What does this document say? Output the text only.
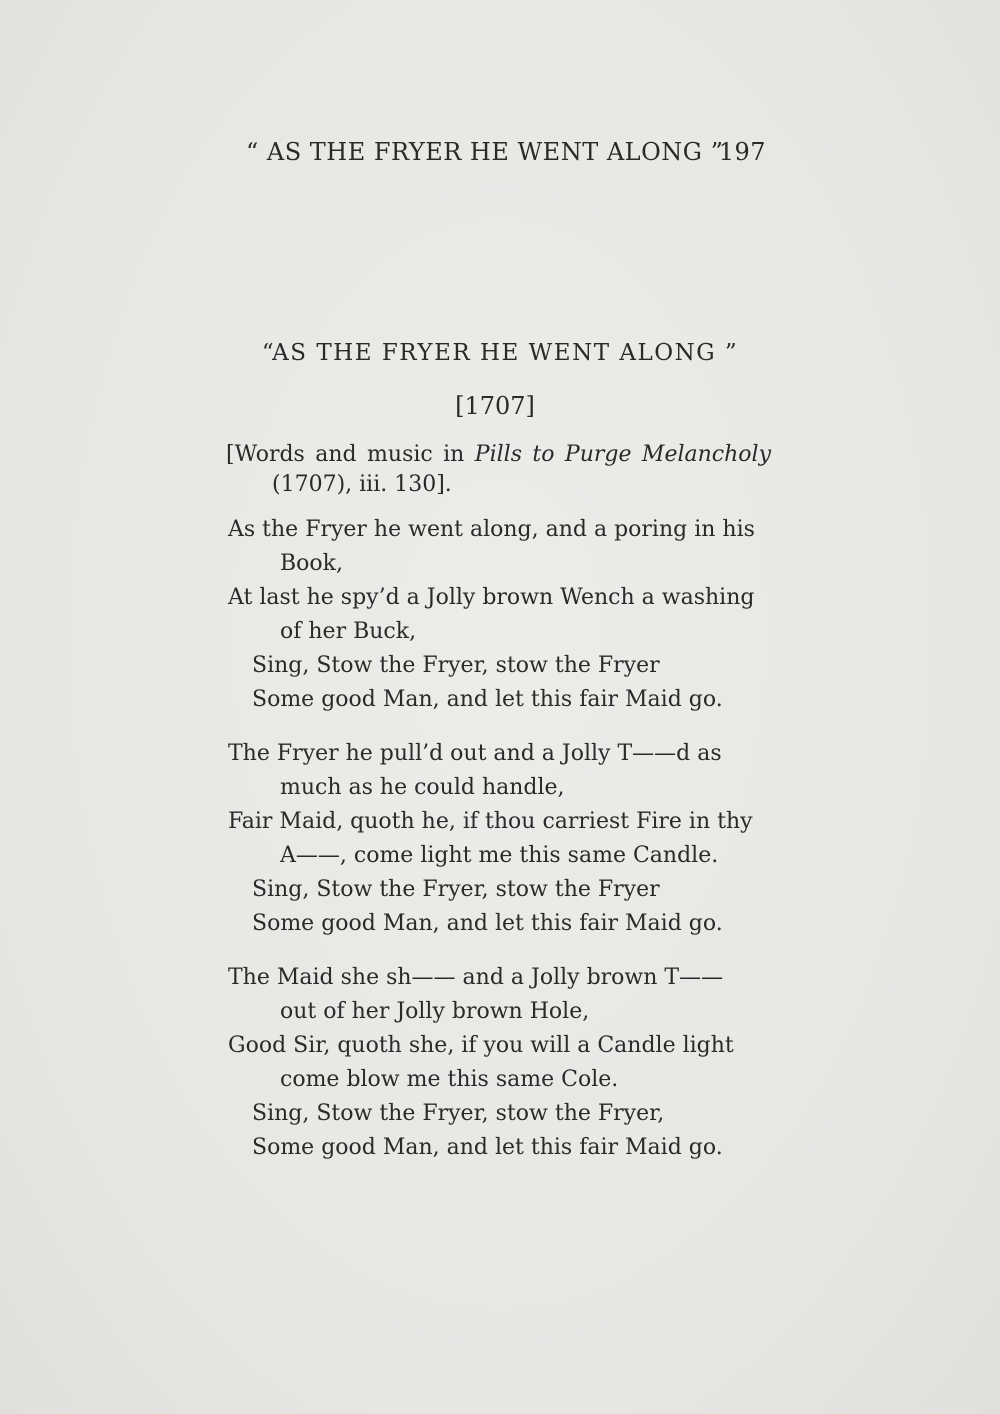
“ AS THE FRYER HE WENT ALONG ”
197
“AS THE FRYER HE WENT ALONG ”
[1707]
[Words and music in Pills to Purge Melancholy
(1707), iii. 130].
As the Fryer he went along, and a poring in his
Book,
At last he spy’d a Jolly brown Wench a washing
of her Buck,
Sing, Stow the Fryer, stow the Fryer
Some good Man, and let this fair Maid go.
The Fryer he pull’d out and a Jolly T——d as
much as he could handle,
Fair Maid, quoth he, if thou carriest Fire in thy
A——, come light me this same Candle.
Sing, Stow the Fryer, stow the Fryer
Some good Man, and let this fair Maid go.
The Maid she sh—— and a Jolly brown T——
out of her Jolly brown Hole,
Good Sir, quoth she, if you will a Candle light
come blow me this same Cole.
Sing, Stow the Fryer, stow the Fryer,
Some good Man, and let this fair Maid go.
